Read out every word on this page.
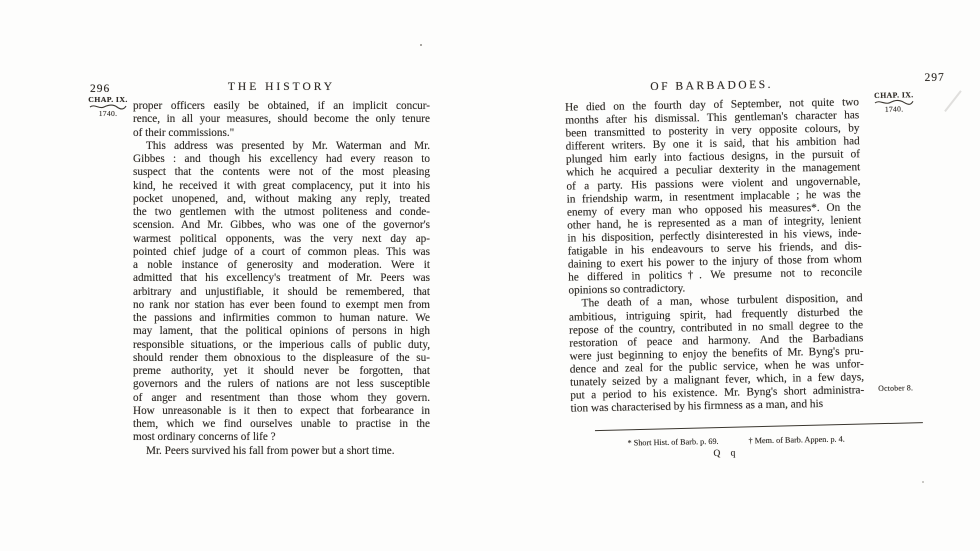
296	THE HISTORY
CHAP. IX.
1740.
proper officers easily be obtained, if an implicit concur-
rence, in all your measures, should become the only tenure
of their commissions."
This address was presented by Mr. Waterman and Mr.
Gibbes : and though his excellency had every reason to
suspect that the contents were not of the most pleasing
kind, he received it with great complacency, put it into his
pocket unopened, and, without making any reply, treated
the two gentlemen with the utmost politeness and conde-
scension. And Mr. Gibbes, who was one of the governor's
warmest political opponents, was the very next day ap-
pointed chief judge of a court of common pleas. This was
a noble instance of generosity and moderation. Were it
admitted that his excellency's treatment of Mr. Peers was
arbitrary and unjustifiable, it should be remembered, that
no rank nor station has ever been found to exempt men from
the passions and infirmities common to human nature. We
may lament, that the political opinions of persons in high
responsible situations, or the imperious calls of public duty,
should render them obnoxious to the displeasure of the su-
preme authority, yet it should never be forgotten, that
governors and the rulers of nations are not less susceptible
of anger and resentment than those whom they govern.
How unreasonable is it then to expect that forbearance in
them, which we find ourselves unable to practise in the
most ordinary concerns of life ?
Mr. Peers survived his fall from power but a short time.
297
OF BARBADOES.
CHAP. IX.
1740.
He died on the fourth day of September, not quite two
months after his dismissal. This gentleman's character has
been transmitted to posterity in very opposite colours, by
different writers. By one it is said, that his ambition had
plunged him early into factious designs, in the pursuit of
which he acquired a peculiar dexterity in the management
of a party. His passions were violent and ungovernable,
in friendship warm, in resentment implacable ; he was the
enemy of every man who opposed his measures*. On the
other hand, he is represented as a man of integrity, lenient
in his disposition, perfectly disinterested in his views, inde-
fatigable in his endeavours to serve his friends, and dis-
daining to exert his power to the injury of those from whom
he differed in politics†. We presume not to reconcile
opinions so contradictory.
The death of a man, whose turbulent disposition, and
ambitious, intriguing spirit, had frequently disturbed the
repose of the country, contributed in no small degree to the
restoration of peace and harmony. And the Barbadians
were just beginning to enjoy the benefits of Mr. Byng's pru-
dence and zeal for the public service, when he was unfor-
tunately seized by a malignant fever, which, in a few days,
put a period to his existence. Mr. Byng's short administra-
tion was characterised by his firmness as a man, and his
October 8.
* Short Hist. of Barb. p. 69.	† Mem. of Barb. Appen. p. 4.
Q q
